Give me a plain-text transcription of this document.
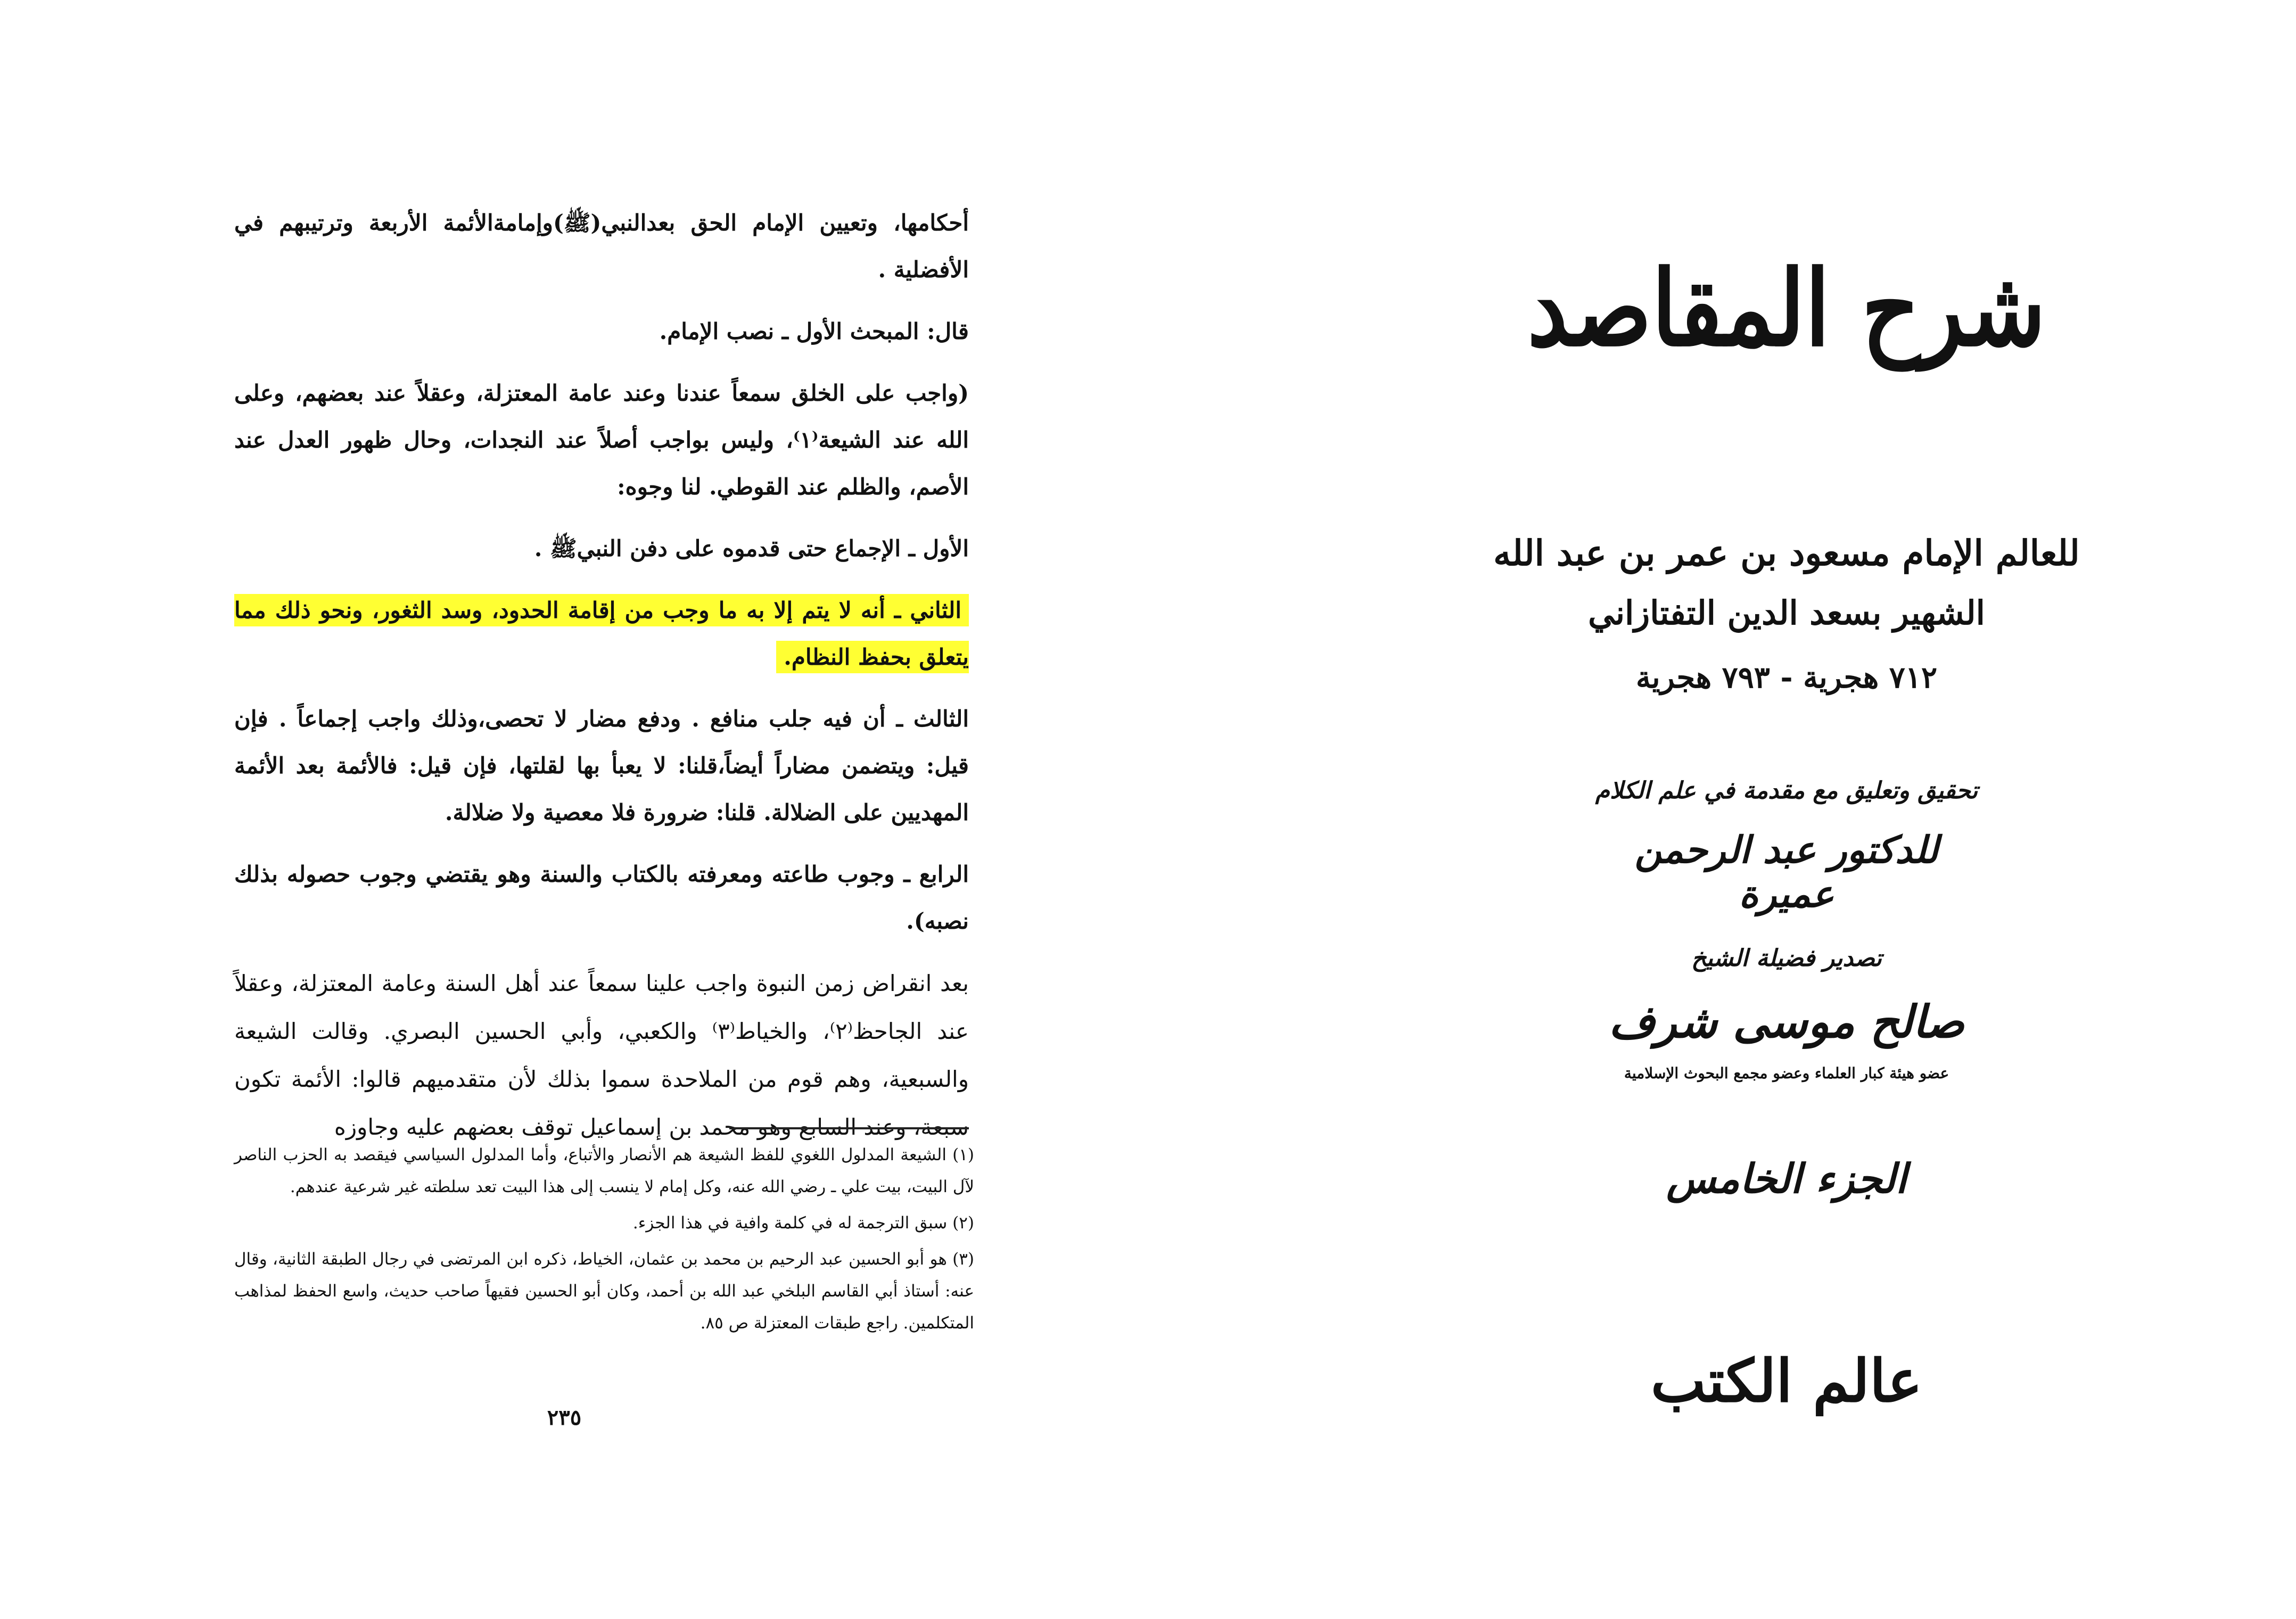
أحكامها، وتعيين الإمام الحق بعدالنبي(ﷺ)وإمامةالأئمة الأربعة وترتيبهم في الأفضلية .

قال: المبحث الأول ـ نصب الإمام.

(واجب على الخلق سمعاً عندنا وعند عامة المعتزلة، وعقلاً عند بعضهم، وعلى الله عند الشيعة⁽١⁾، وليس بواجب أصلاً عند النجدات، وحال ظهور العدل عند الأصم، والظلم عند القوطي. لنا وجوه:

الأول ـ الإجماع حتى قدموه على دفن النبيﷺ .

الثاني ـ أنه لا يتم إلا به ما وجب من إقامة الحدود، وسد الثغور، ونحو ذلك مما يتعلق بحفظ النظام.

الثالث ـ أن فيه جلب منافع . ودفع مضار لا تحصى،وذلك واجب إجماعاً . فإن قيل: ويتضمن مضاراً أيضاً،قلنا: لا يعبأ بها لقلتها، فإن قيل: فالأئمة بعد الأئمة المهديين على الضلالة. قلنا: ضرورة فلا معصية ولا ضلالة.

الرابع ـ وجوب طاعته ومعرفته بالكتاب والسنة وهو يقتضي وجوب حصوله بذلك نصبه).

بعد انقراض زمن النبوة واجب علينا سمعاً عند أهل السنة وعامة المعتزلة، وعقلاً عند الجاحظ⁽٢⁾، والخياط⁽٣⁾ والكعبي، وأبي الحسين البصري. وقالت الشيعة والسبعية، وهم قوم من الملاحدة سموا بذلك لأن متقدميهم قالوا: الأئمة تكون سبعة، وعند السابع وهو محمد بن إسماعيل توقف بعضهم عليه وجاوزه

(١) الشيعة المدلول اللغوي للفظ الشيعة هم الأنصار والأتباع، وأما المدلول السياسي فيقصد به الحزب الناصر لآل البيت، بيت علي ـ رضي الله عنه، وكل إمام لا ينسب إلى هذا البيت تعد سلطته غير شرعية عندهم.

(٢) سبق الترجمة له في كلمة وافية في هذا الجزء.

(٣) هو أبو الحسين عبد الرحيم بن محمد بن عثمان، الخياط، ذكره ابن المرتضى في رجال الطبقة الثانية، وقال عنه: أستاذ أبي القاسم البلخي عبد الله بن أحمد، وكان أبو الحسين فقيهاً صاحب حديث، واسع الحفظ لمذاهب المتكلمين. راجع طبقات المعتزلة ص ٨٥.

٢٣٥
شرح المقاصد
للعالم الإمام مسعود بن عمر بن عبد الله
الشهير بسعد الدين التفتازاني
٧١٢ هجرية - ٧٩٣ هجرية
تحقيق وتعليق مع مقدمة في علم الكلام
للدكتور عبد الرحمن عميرة
تصدير فضيلة الشيخ
صالح موسى شرف
عضو هيئة كبار العلماء وعضو مجمع البحوث الإسلامية
الجزء الخامس
عالم الكتب
